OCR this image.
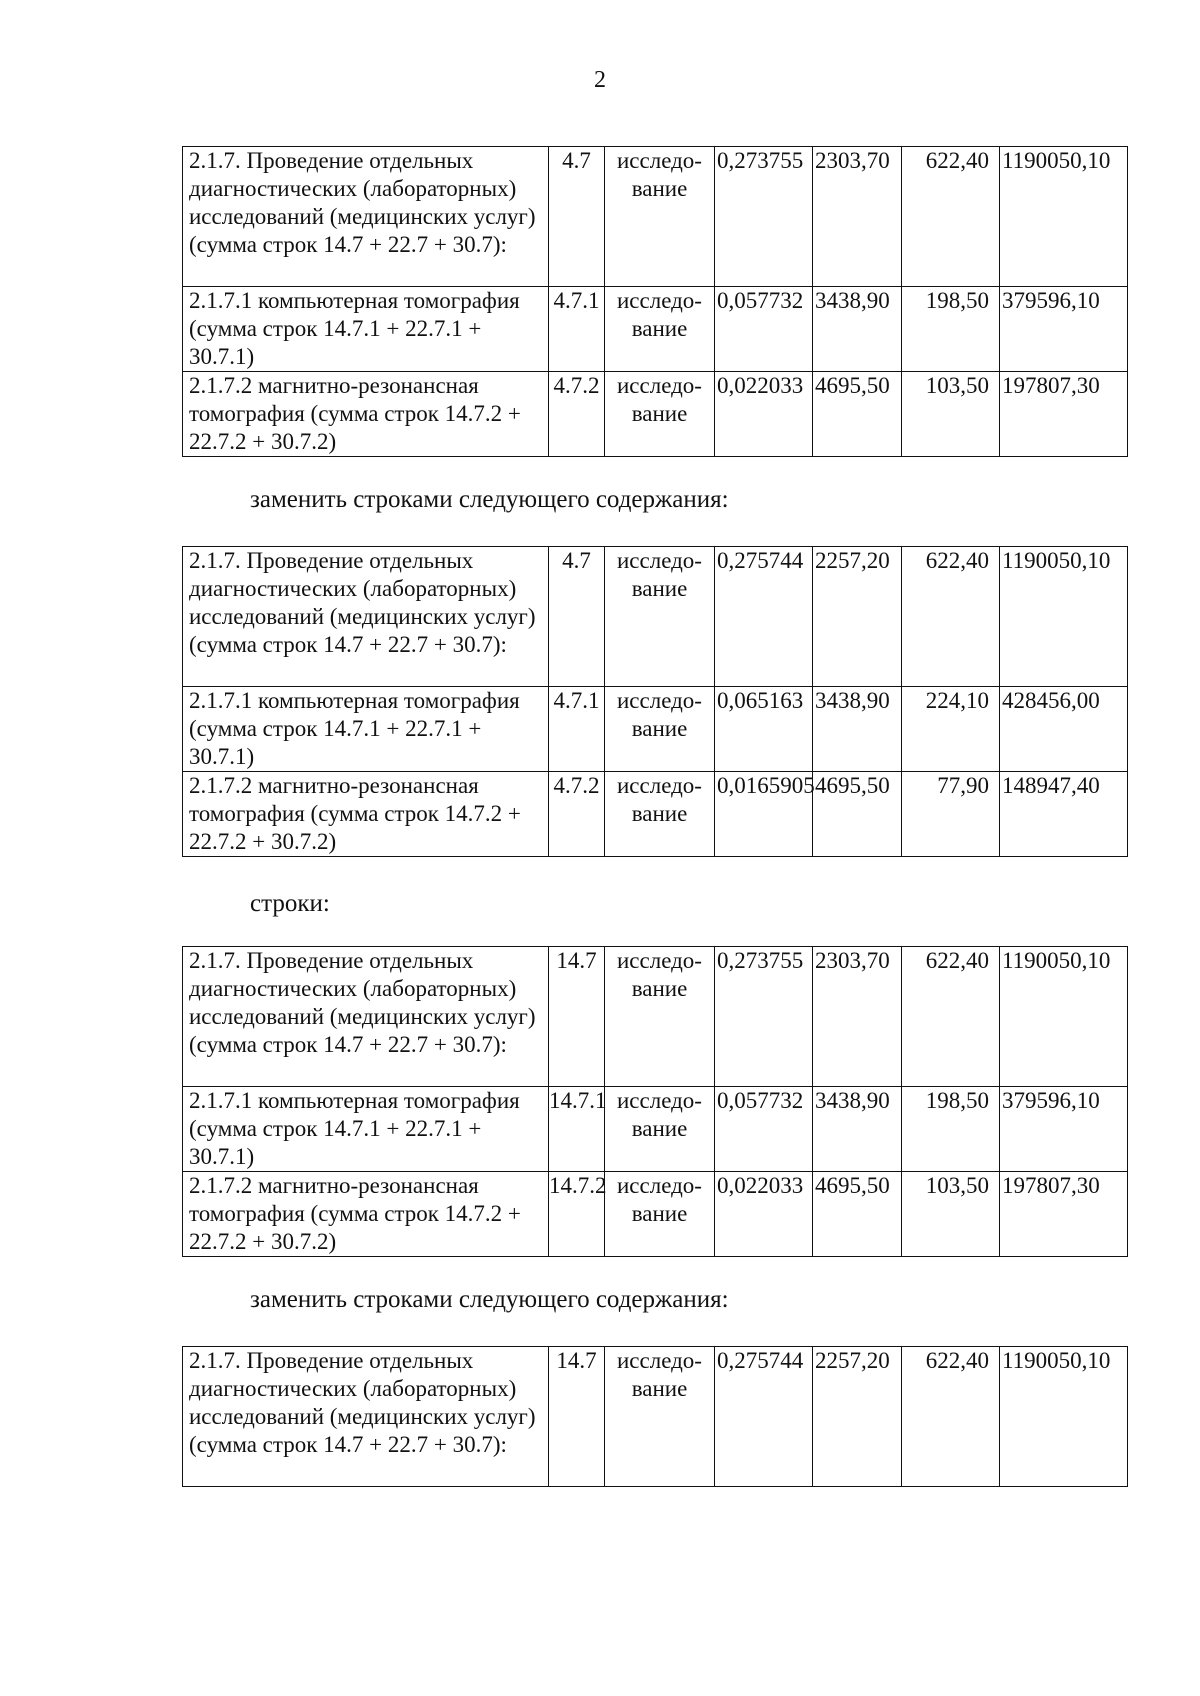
2
2.1.7. Проведение отдельных диагностических (лабораторных) исследований (медицинских услуг) (сумма строк 14.7 + 22.7 + 30.7):	4.7	исследо-вание	0,273755	2303,70	622,40	1190050,10
2.1.7.1 компьютерная томография (сумма строк 14.7.1 + 22.7.1 + 30.7.1)	4.7.1	исследо-вание	0,057732	3438,90	198,50	379596,10
2.1.7.2 магнитно-резонансная томография (сумма строк 14.7.2 + 22.7.2 + 30.7.2)	4.7.2	исследо-вание	0,022033	4695,50	103,50	197807,30
заменить строками следующего содержания:
2.1.7. Проведение отдельных диагностических (лабораторных) исследований (медицинских услуг) (сумма строк 14.7 + 22.7 + 30.7):	4.7	исследо-вание	0,275744	2257,20	622,40	1190050,10
2.1.7.1 компьютерная томография (сумма строк 14.7.1 + 22.7.1 + 30.7.1)	4.7.1	исследо-вание	0,065163	3438,90	224,10	428456,00
2.1.7.2 магнитно-резонансная томография (сумма строк 14.7.2 + 22.7.2 + 30.7.2)	4.7.2	исследо-вание	0,0165905	4695,50	77,90	148947,40
строки:
2.1.7. Проведение отдельных диагностических (лабораторных) исследований (медицинских услуг) (сумма строк 14.7 + 22.7 + 30.7):	14.7	исследо-вание	0,273755	2303,70	622,40	1190050,10
2.1.7.1 компьютерная томография (сумма строк 14.7.1 + 22.7.1 + 30.7.1)	14.7.1	исследо-вание	0,057732	3438,90	198,50	379596,10
2.1.7.2 магнитно-резонансная томография (сумма строк 14.7.2 + 22.7.2 + 30.7.2)	14.7.2	исследо-вание	0,022033	4695,50	103,50	197807,30
заменить строками следующего содержания:
2.1.7. Проведение отдельных диагностических (лабораторных) исследований (медицинских услуг) (сумма строк 14.7 + 22.7 + 30.7):	14.7	исследо-вание	0,275744	2257,20	622,40	1190050,10
